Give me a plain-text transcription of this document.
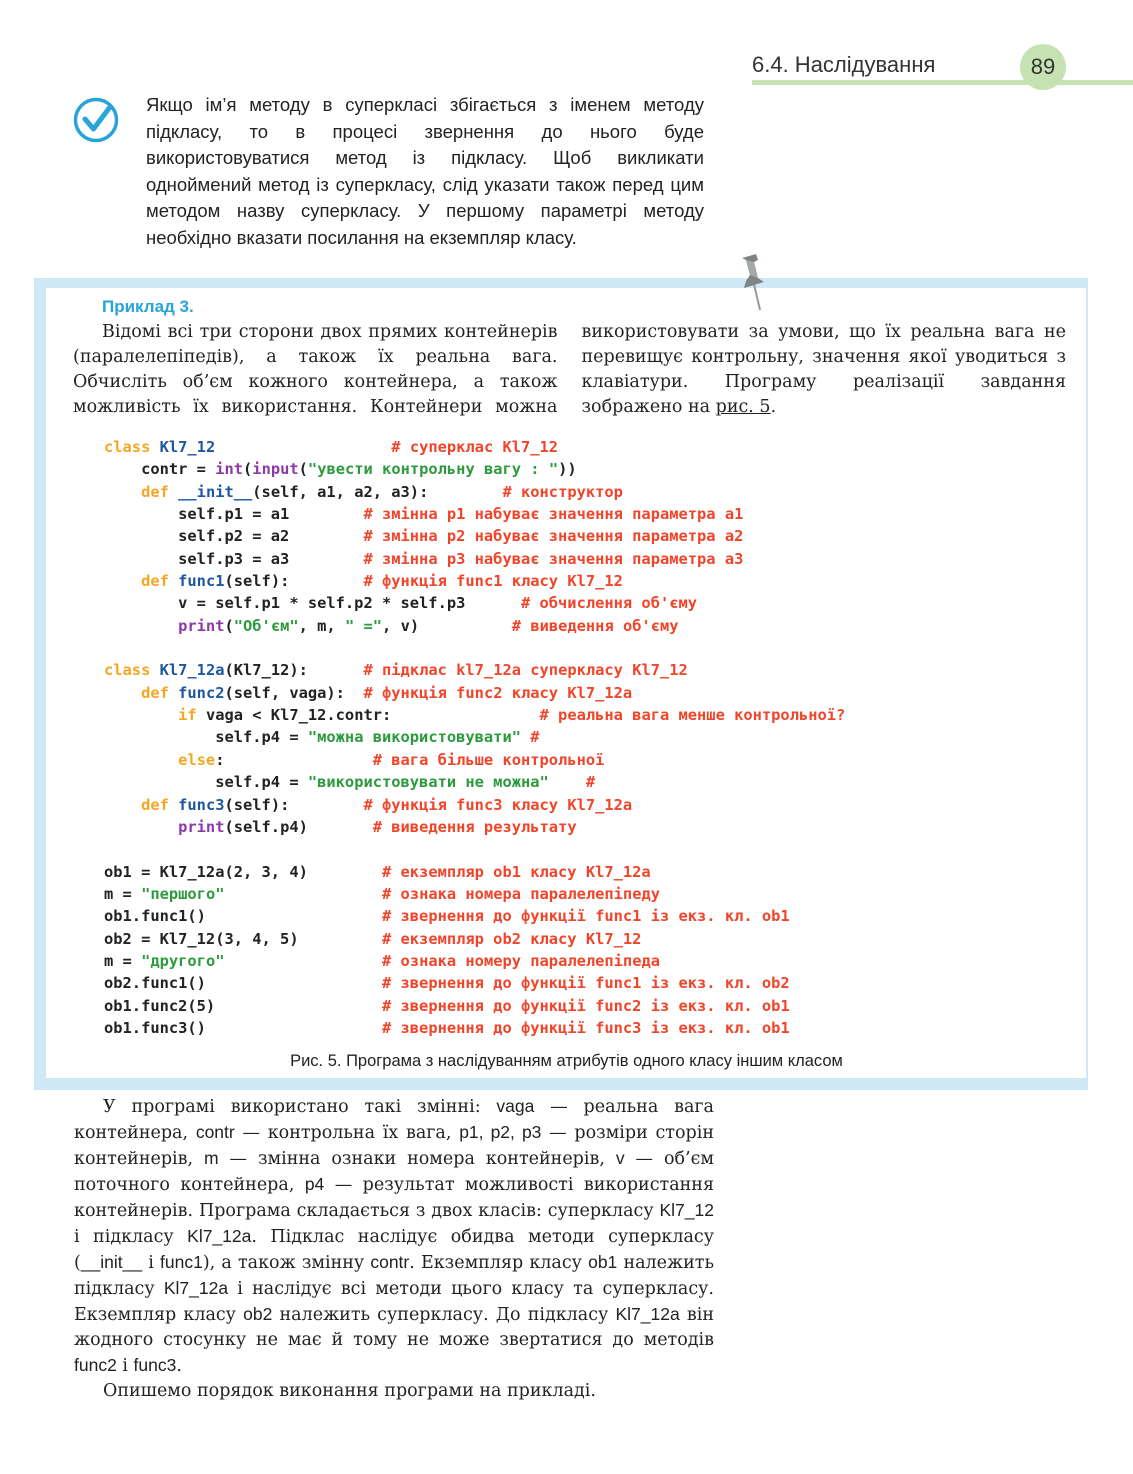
6.4. Наслідування	89
Якщо ім’я методу в суперкласі збігається з іменем методу підкласу, то в процесі звернення до нього буде використовуватися метод із підкласу. Щоб викликати одноймений метод із суперкласу, слід указати також перед цим методом назву суперкласу. У першому параметрі методу необхідно вказати посилання на екземпляр класу.
Приклад 3.

Відомі всі три сторони двох прямих контейнерів (паралелепіпедів), а також їх реальна вага. Обчисліть об’єм кожного контейнера, а також можливість їх використання. Контейнери можна використовувати за умови, що їх реальна вага не перевищує контрольну, значення якої уводиться з клавіатури. Програму реалізації завдання зображено на рис. 5.

class Kl7_12	# суперклас Kl7_12
contr = int(input("увести контрольну вагу : "))
def __init__(self, a1, a2, a3):        # конструктор
self.p1 = a1        # змінна p1 набуває значення параметра a1
self.p2 = a2        # змінна p2 набуває значення параметра a2
self.p3 = a3        # змінна p3 набуває значення параметра a3
def func1(self):        # функція func1 класу Kl7_12
v = self.p1 * self.p2 * self.p3      # обчислення об'єму
print("Об'єм", m, " =", v)          # виведення об'єму

class Kl7_12a(Kl7_12):      # підклас kl7_12a суперкласу Kl7_12
def func2(self, vaga):  # функція func2 класу Kl7_12a
if vaga < Kl7_12.contr:                # реальна вага менше контрольної?
self.p4 = "можна використовувати" #
else:                # вага більше контрольної
self.p4 = "використовувати не можна"    #
def func3(self):        # функція func3 класу Kl7_12a
print(self.p4)       # виведення результату

ob1 = Kl7_12a(2, 3, 4)        # екземпляр ob1 класу Kl7_12a
m = "першого"	# ознака номера паралелепіпеду
ob1.func1()                   # звернення до функції func1 із екз. кл. ob1
ob2 = Kl7_12(3, 4, 5)         # екземпляр ob2 класу Kl7_12
m = "другого"	# ознака номеру паралелепіпеда
ob2.func1()                   # звернення до функції func1 із екз. кл. ob2
ob1.func2(5)                  # звернення до функції func2 із екз. кл. ob1
ob1.func3()                   # звернення до функції func3 із екз. кл. ob1
Рис. 5. Програма з наслідуванням атрибутів одного класу іншим класом

У програмі використано такі змінні: vaga — реальна вага контейнера, contr — контрольна їх вага, p1, p2, p3 — розміри сторін контейнерів, m — змінна ознаки номера контейнерів, v — об’єм поточного контейнера, p4 — результат можливості використання контейнерів. Програма складається з двох класів: суперкласу Kl7_12 і підкласу Kl7_12a. Підклас наслідує обидва методи суперкласу (__init__ і func1), а також змінну contr. Екземпляр класу ob1 належить підкласу Kl7_12a і наслідує всі методи цього класу та суперкласу. Екземпляр класу ob2 належить суперкласу. До підкласу Kl7_12a він жодного стосунку не має й тому не може звертатися до методів func2 і func3.

Опишемо порядок виконання програми на прикладі.
